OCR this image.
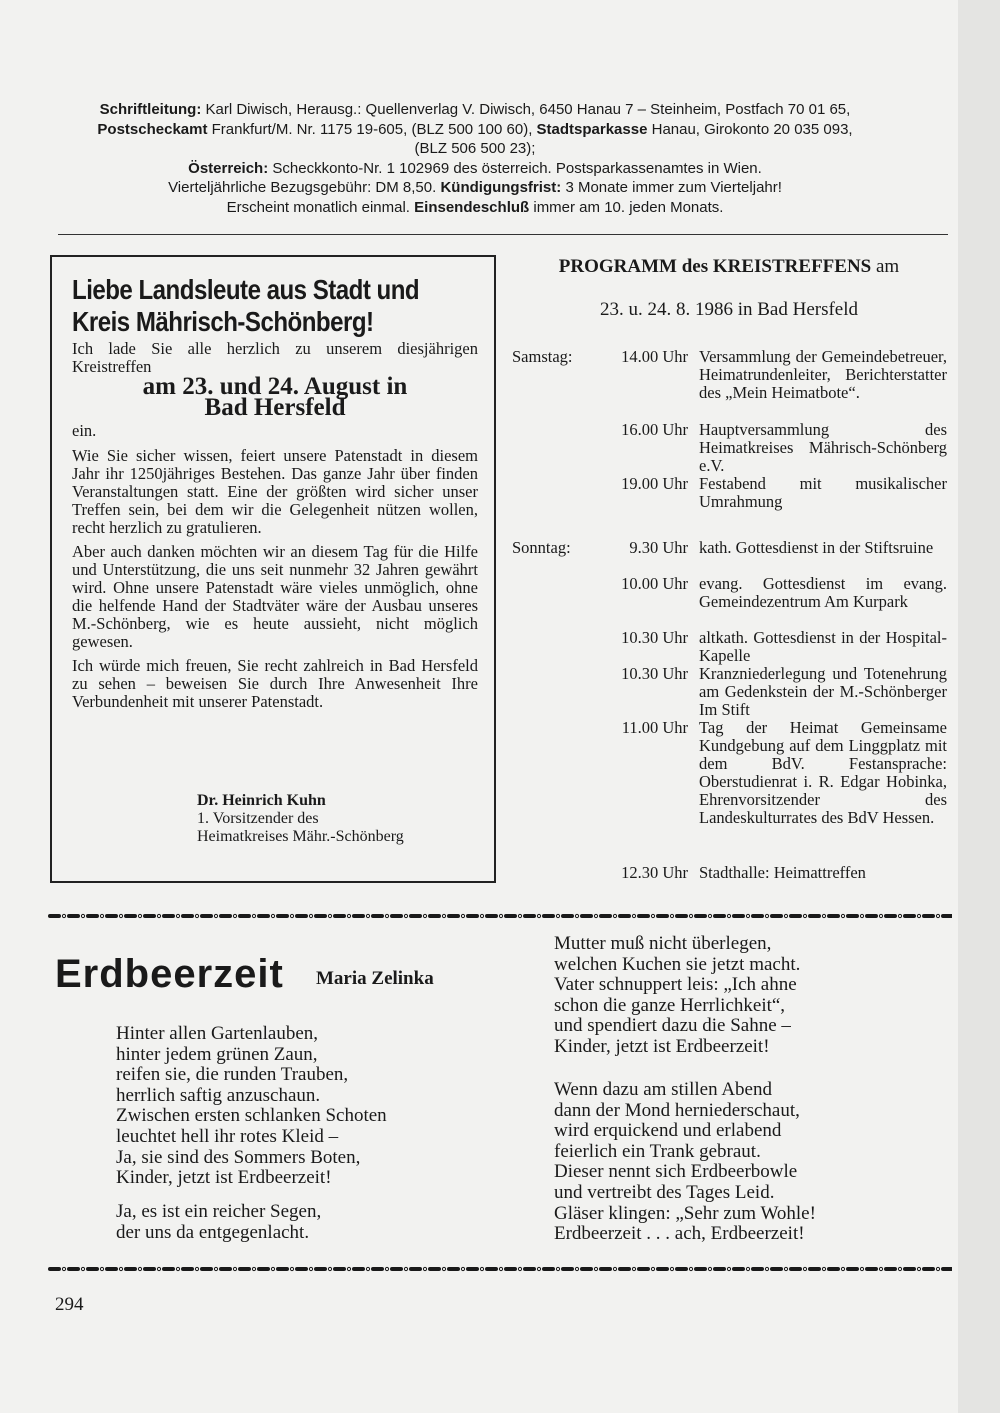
Schriftleitung: Karl Diwisch, Herausg.: Quellenverlag V. Diwisch, 6450 Hanau 7 – Steinheim, Postfach 70 01 65,
Postscheckamt Frankfurt/M. Nr. 1175 19-605, (BLZ 500 100 60), Stadtsparkasse Hanau, Girokonto 20 035 093,
(BLZ 506 500 23);
Österreich: Scheckkonto-Nr. 1 102969 des österreich. Postsparkassenamtes in Wien.
Vierteljährliche Bezugsgebühr: DM 8,50. Kündigungsfrist: 3 Monate immer zum Vierteljahr!
Erscheint monatlich einmal. Einsendeschluß immer am 10. jeden Monats.
Liebe Landsleute aus Stadt und
Kreis Mährisch-Schönberg!

Ich lade Sie alle herzlich zu unserem diesjährigen Kreistreffen

am 23. und 24. August in
Bad Hersfeld

ein.

Wie Sie sicher wissen, feiert unsere Patenstadt in diesem Jahr ihr 1250jähriges Bestehen. Das ganze Jahr über finden Veranstaltungen statt. Eine der größten wird sicher unser Treffen sein, bei dem wir die Gelegenheit nützen wollen, recht herzlich zu gratulieren.

Aber auch danken möchten wir an diesem Tag für die Hilfe und Unterstützung, die uns seit nunmehr 32 Jahren gewährt wird. Ohne unsere Patenstadt wäre vieles unmöglich, ohne die helfende Hand der Stadtväter wäre der Ausbau unseres M.-Schönberg, wie es heute aussieht, nicht möglich gewesen.

Ich würde mich freuen, Sie recht zahlreich in Bad Hersfeld zu sehen – beweisen Sie durch Ihre Anwesenheit Ihre Verbundenheit mit unserer Patenstadt.

Dr. Heinrich Kuhn
1. Vorsitzender des
Heimatkreises Mähr.-Schönberg
PROGRAMM des KREISTREFFENS am
23. u. 24. 8. 1986 in Bad Hersfeld
Samstag:
Sonntag:
14.00 Uhr Versammlung der Gemeindebetreuer, Heimatrundenleiter, Berichterstatter des „Mein Heimatbote“.
16.00 Uhr Hauptversammlung des Heimatkreises Mährisch-Schönberg e.V.
19.00 Uhr Festabend mit musikalischer Umrahmung
9.30 Uhr kath. Gottesdienst in der Stiftsruine
10.00 Uhr evang. Gottesdienst im evang. Gemeindezentrum Am Kurpark
10.30 Uhr altkath. Gottesdienst in der Hospital-Kapelle
10.30 Uhr Kranzniederlegung und Totenehrung am Gedenkstein der M.-Schönberger Im Stift
11.00 Uhr Tag der Heimat Gemeinsame Kundgebung auf dem Linggplatz mit dem BdV. Festansprache: Oberstudienrat i. R. Edgar Hobinka, Ehrenvorsitzender des Landeskulturrates des BdV Hessen.
12.30 Uhr Stadthalle: Heimattreffen
Erdbeerzeit Maria Zelinka
Hinter allen Gartenlauben,
hinter jedem grünen Zaun,
reifen sie, die runden Trauben,
herrlich saftig anzuschaun.
Zwischen ersten schlanken Schoten
leuchtet hell ihr rotes Kleid –
Ja, sie sind des Sommers Boten,
Kinder, jetzt ist Erdbeerzeit!
Ja, es ist ein reicher Segen,
der uns da entgegenlacht.
Mutter muß nicht überlegen,
welchen Kuchen sie jetzt macht.
Vater schnuppert leis: „Ich ahne
schon die ganze Herrlichkeit“,
und spendiert dazu die Sahne –
Kinder, jetzt ist Erdbeerzeit!
Wenn dazu am stillen Abend
dann der Mond herniederschaut,
wird erquickend und erlabend
feierlich ein Trank gebraut.
Dieser nennt sich Erdbeerbowle
und vertreibt des Tages Leid.
Gläser klingen: „Sehr zum Wohle!
Erdbeerzeit . . . ach, Erdbeerzeit!
294
